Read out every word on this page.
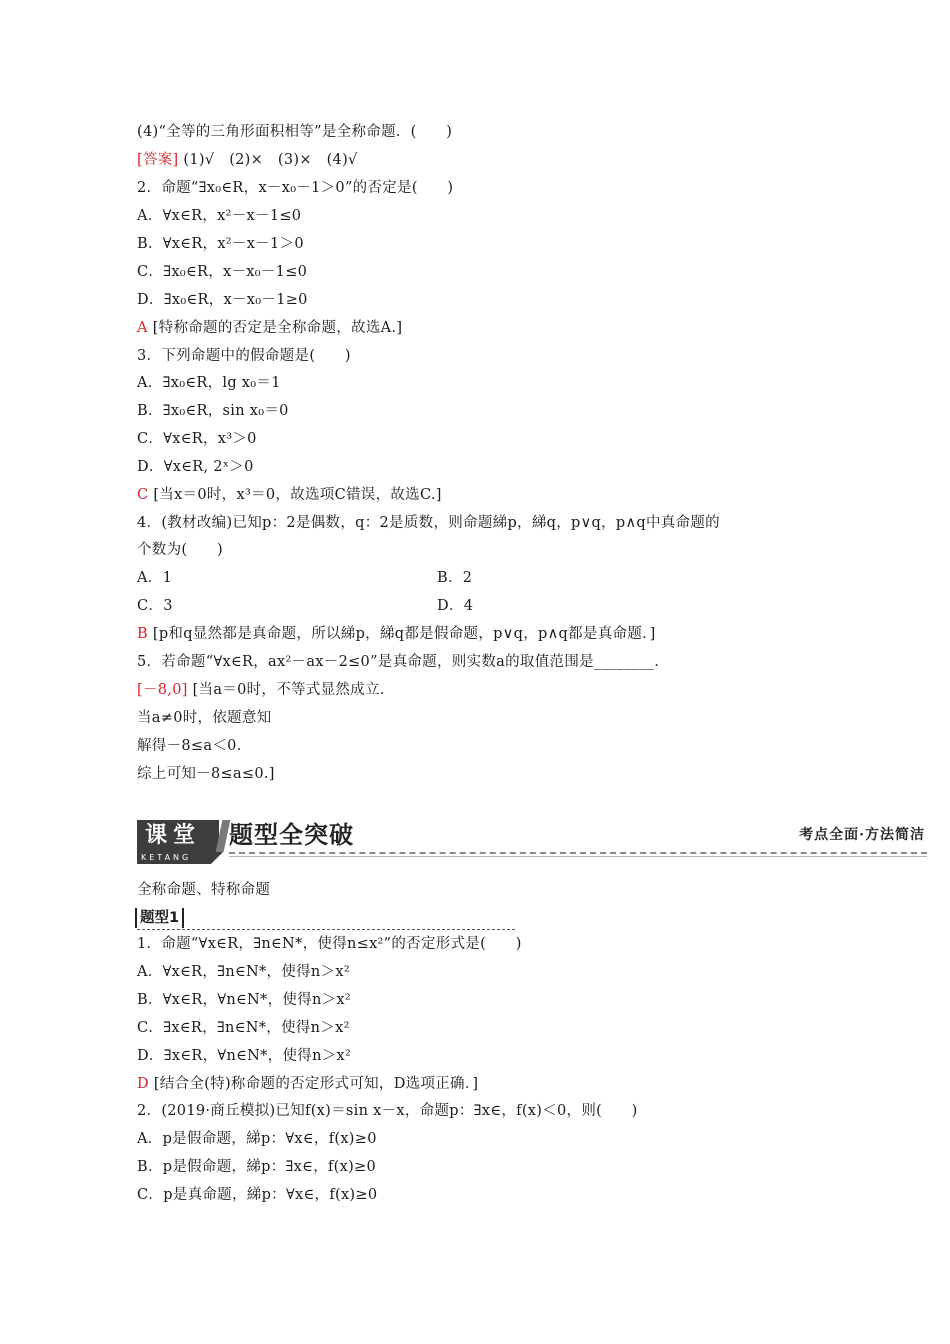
(4)“全等的三角形面积相等”是全称命题．(　　)
[答案] (1)√　(2)×　(3)×　(4)√
2．命题“∃x₀∈R，x－x₀－1＞0”的否定是(　　)
A．∀x∈R，x²－x－1≤0
B．∀x∈R，x²－x－1＞0
C．∃x₀∈R，x－x₀－1≤0
D．∃x₀∈R，x－x₀－1≥0
A [特称命题的否定是全称命题，故选A.]
3．下列命题中的假命题是(　　)
A．∃x₀∈R，lg x₀＝1
B．∃x₀∈R，sin x₀＝0
C．∀x∈R，x³＞0
D．∀x∈R, 2ˣ＞0
C [当x＝0时，x³＝0，故选项C错误，故选C.]
4．(教材改编)已知p：2是偶数，q：2是质数，则命题綈p，綈q，p∨q，p∧q中真命题的
个数为(　　)
A．1	B．2
C．3	D．4
B [p和q显然都是真命题，所以綈p，綈q都是假命题，p∨q，p∧q都是真命题．]
5．若命题“∀x∈R，ax²－ax－2≤0”是真命题，则实数a的取值范围是________．
[－8,0] [当a＝0时，不等式显然成立．
当a≠0时，依题意知
解得－8≤a＜0.
综上可知－8≤a≤0.]
课堂
KETANG
题型全突破	考点全面·方法简洁
全称命题、特称命题
题型1
1．命题“∀x∈R，∃n∈N*，使得n≤x²”的否定形式是(　　)
A．∀x∈R，∃n∈N*，使得n＞x²
B．∀x∈R，∀n∈N*，使得n＞x²
C．∃x∈R，∃n∈N*，使得n＞x²
D．∃x∈R，∀n∈N*，使得n＞x²
D [结合全(特)称命题的否定形式可知，D选项正确．]
2．(2019·商丘模拟)已知f(x)＝sin x－x，命题p：∃x∈，f(x)＜0，则(　　)
A．p是假命题，綈p：∀x∈，f(x)≥0
B．p是假命题，綈p：∃x∈，f(x)≥0
C．p是真命题，綈p：∀x∈，f(x)≥0
